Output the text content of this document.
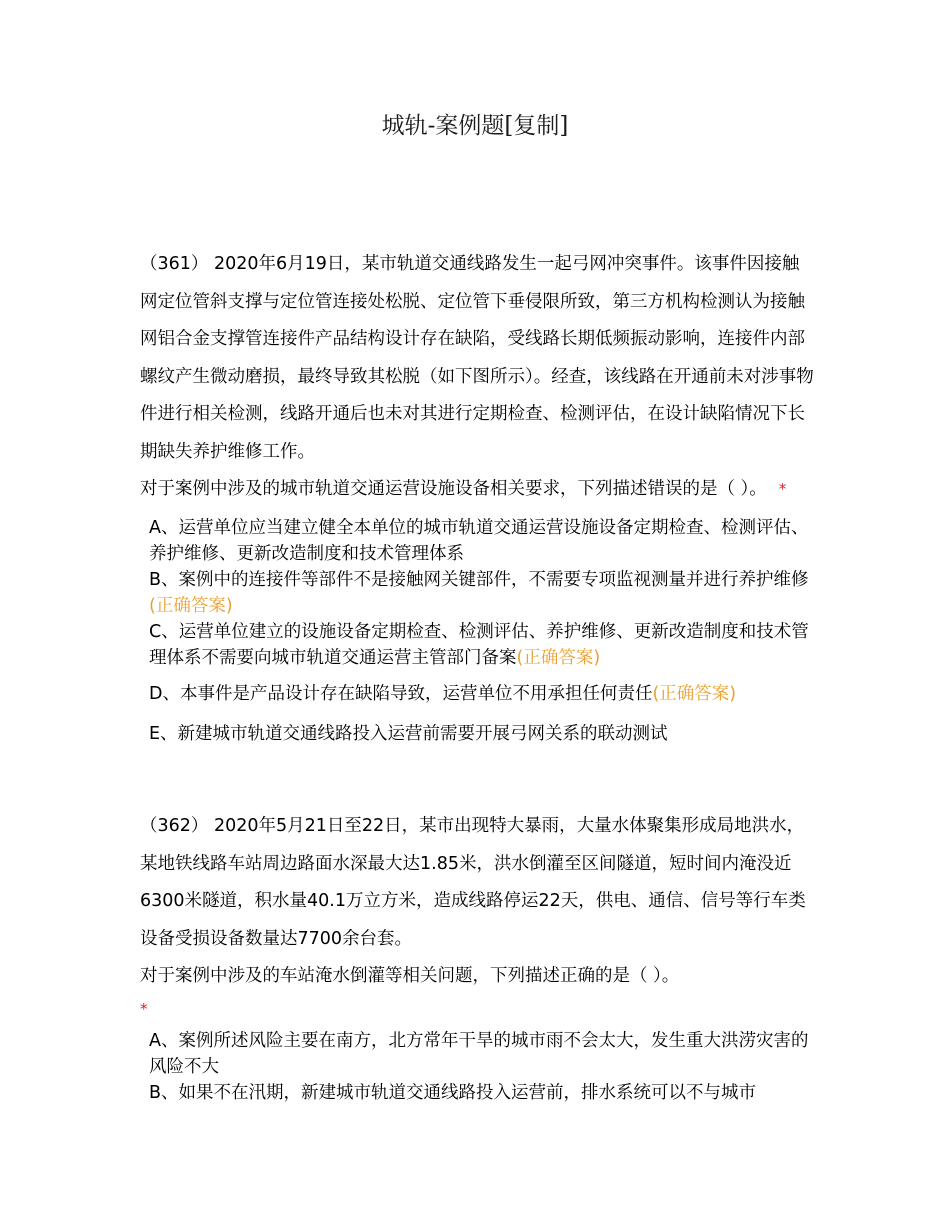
城轨-案例题[复制]

（361） 2020年6月19日，某市轨道交通线路发生一起弓网冲突事件。该事件因接触网定位管斜支撑与定位管连接处松脱、定位管下垂侵限所致，第三方机构检测认为接触网铝合金支撑管连接件产品结构设计存在缺陷，受线路长期低频振动影响，连接件内部螺纹产生微动磨损，最终导致其松脱（如下图所示）。经查，该线路在开通前未对涉事物件进行相关检测，线路开通后也未对其进行定期检查、检测评估，在设计缺陷情况下长期缺失养护维修工作。

对于案例中涉及的城市轨道交通运营设施设备相关要求，下列描述错误的是（ ）。 *

A、运营单位应当建立健全本单位的城市轨道交通运营设施设备定期检查、检测评估、养护维修、更新改造制度和技术管理体系
B、案例中的连接件等部件不是接触网关键部件，不需要专项监视测量并进行养护维修(正确答案)
C、运营单位建立的设施设备定期检查、检测评估、养护维修、更新改造制度和技术管理体系不需要向城市轨道交通运营主管部门备案(正确答案)
D、本事件是产品设计存在缺陷导致，运营单位不用承担任何责任(正确答案)
E、新建城市轨道交通线路投入运营前需要开展弓网关系的联动测试

（362） 2020年5月21日至22日，某市出现特大暴雨，大量水体聚集形成局地洪水，某地铁线路车站周边路面水深最大达1.85米，洪水倒灌至区间隧道，短时间内淹没近6300米隧道，积水量40.1万立方米，造成线路停运22天，供电、通信、信号等行车类设备受损设备数量达7700余台套。

对于案例中涉及的车站淹水倒灌等相关问题，下列描述正确的是（ ）。

*
A、案例所述风险主要在南方，北方常年干旱的城市雨不会太大，发生重大洪涝灾害的风险不大
B、如果不在汛期，新建城市轨道交通线路投入运营前，排水系统可以不与城市
